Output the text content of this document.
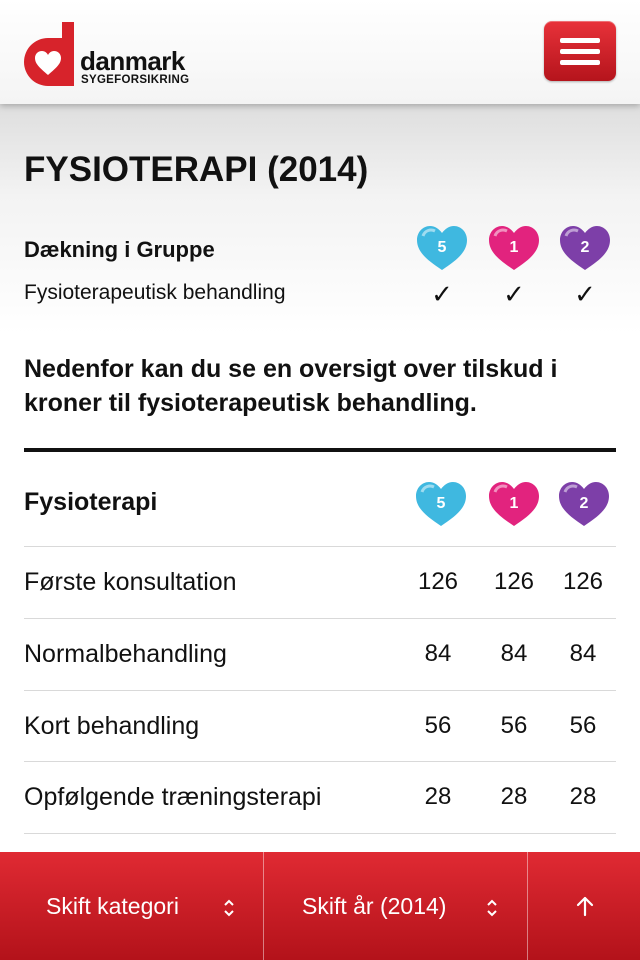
danmark
SYGEFORSIKRING
FYSIOTERAPI (2014)
Dækning i Gruppe	5	1	2
Fysioterapeutisk behandling	✓ ✓ ✓
Nedenfor kan du se en oversigt over tilskud i kroner til fysioterapeutisk behandling.
Fysioterapi	5	1	2
Første konsultation	126	126	126
Normalbehandling	84	84	84
Kort behandling	56	56	56
Opfølgende træningsterapi	28	28	28
Skift kategori	Skift år (2014)
